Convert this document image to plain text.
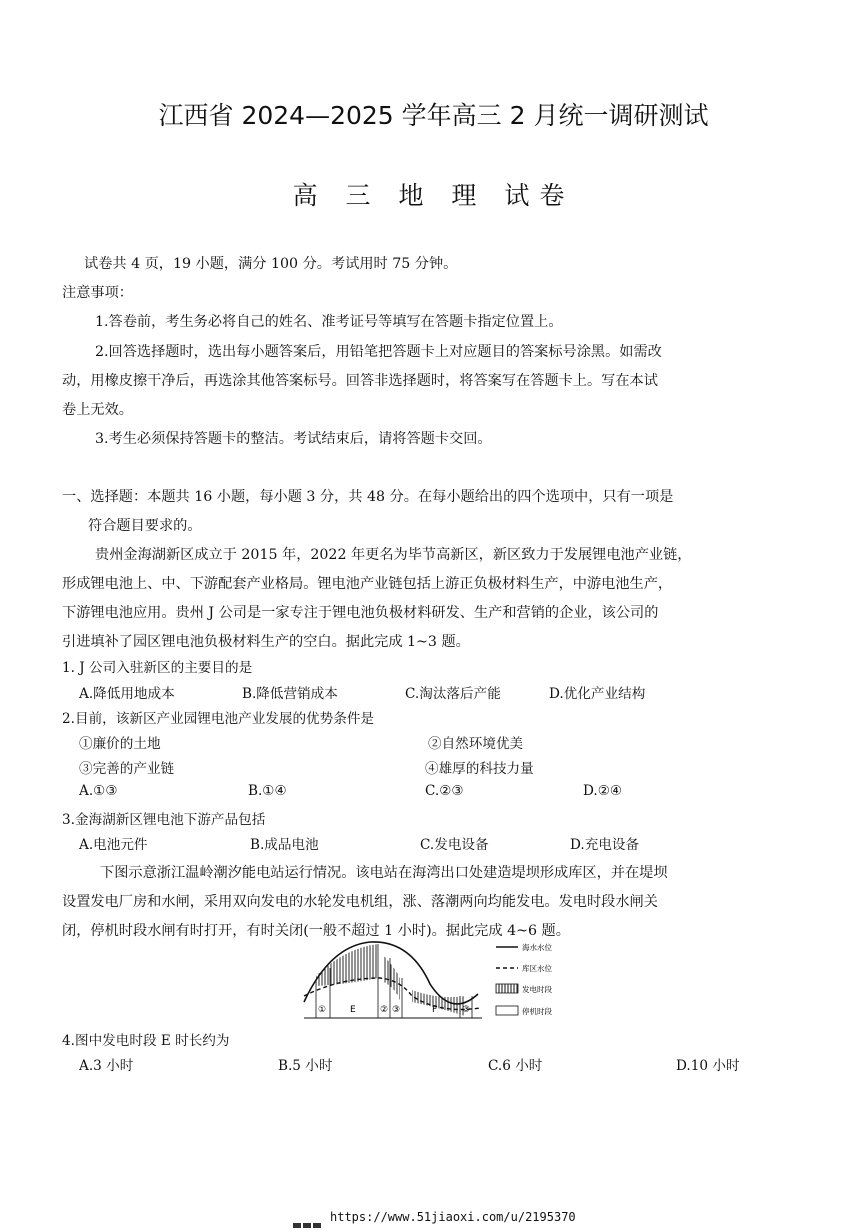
江西省 2024—2025 学年高三 2 月统一调研测试
高 三 地 理 试卷
试卷共 4 页，19 小题，满分 100 分。考试用时 75 分钟。
注意事项：
1.答卷前，考生务必将自己的姓名、准考证号等填写在答题卡指定位置上。
2.回答选择题时，选出每小题答案后，用铅笔把答题卡上对应题目的答案标号涂黑。如需改
动，用橡皮擦干净后，再选涂其他答案标号。回答非选择题时，将答案写在答题卡上。写在本试
卷上无效。
3.考生必须保持答题卡的整洁。考试结束后，请将答题卡交回。
一、选择题：本题共 16 小题，每小题 3 分，共 48 分。在每小题给出的四个选项中，只有一项是
符合题目要求的。
贵州金海湖新区成立于 2015 年，2022 年更名为毕节高新区，新区致力于发展锂电池产业链，
形成锂电池上、中、下游配套产业格局。锂电池产业链包括上游正负极材料生产，中游电池生产，
下游锂电池应用。贵州 J 公司是一家专注于锂电池负极材料研发、生产和营销的企业，该公司的
引进填补了园区锂电池负极材料生产的空白。据此完成 1~3 题。
1. J 公司入驻新区的主要目的是
A.降低用地成本	B.降低营销成本	C.淘汰落后产能	D.优化产业结构
2.目前，该新区产业园锂电池产业发展的优势条件是
①廉价的土地	②自然环境优美
③完善的产业链	④雄厚的科技力量
A.①③	B.①④	C.②③	D.②④
3.金海湖新区锂电池下游产品包括
A.电池元件	B.成品电池	C.发电设备	D.充电设备
下图示意浙江温岭潮汐能电站运行情况。该电站在海湾出口处建造堤坝形成库区，并在堤坝
设置发电厂房和水闸，采用双向发电的水轮发电机组，涨、落潮两向均能发电。发电时段水闸关
闭，停机时段水闸有时打开，有时关闭(一般不超过 1 小时)。据此完成 4~6 题。
①	E	② ③	F	③
海水水位
库区水位
发电时段
停机时段
4.图中发电时段 E 时长约为
A.3 小时	B.5 小时	C.6 小时	D.10 小时
https://www.51jiaoxi.com/u/2195370
